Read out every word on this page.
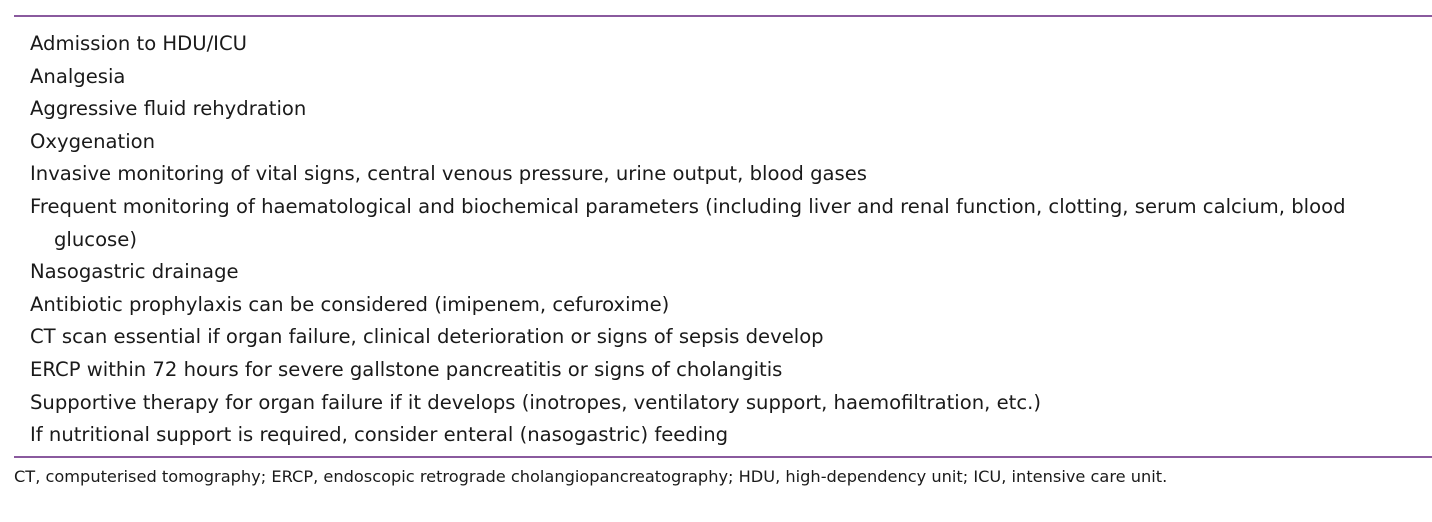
Admission to HDU/ICU
Analgesia
Aggressive fluid rehydration
Oxygenation
Invasive monitoring of vital signs, central venous pressure, urine output, blood gases
Frequent monitoring of haematological and biochemical parameters (including liver and renal function, clotting, serum calcium, blood glucose)
Nasogastric drainage
Antibiotic prophylaxis can be considered (imipenem, cefuroxime)
CT scan essential if organ failure, clinical deterioration or signs of sepsis develop
ERCP within 72 hours for severe gallstone pancreatitis or signs of cholangitis
Supportive therapy for organ failure if it develops (inotropes, ventilatory support, haemofiltration, etc.)
If nutritional support is required, consider enteral (nasogastric) feeding

CT, computerised tomography; ERCP, endoscopic retrograde cholangiopancreatography; HDU, high-dependency unit; ICU, intensive care unit.
